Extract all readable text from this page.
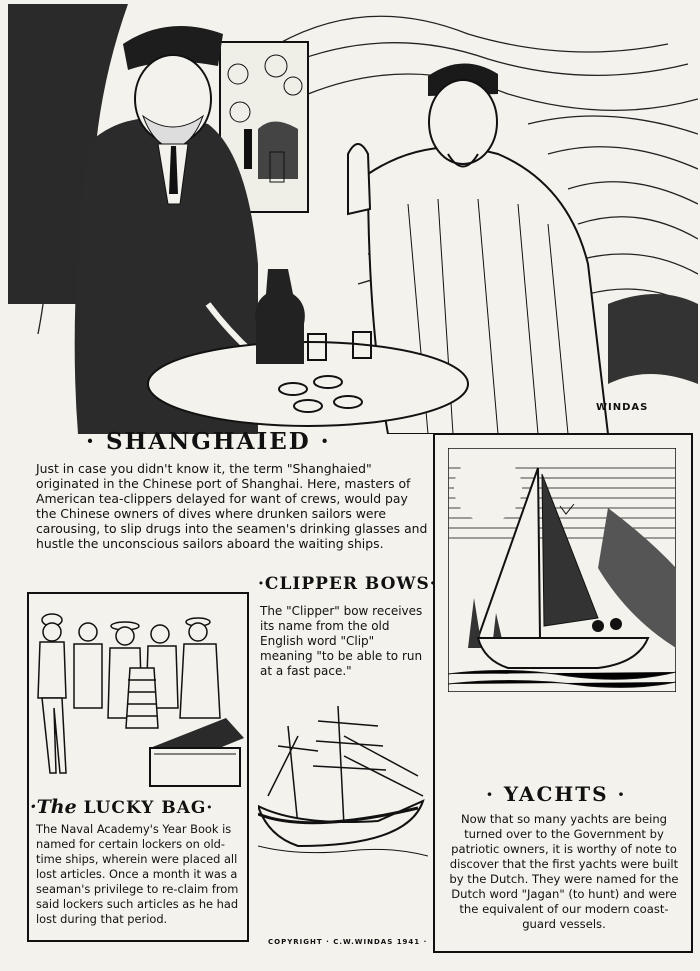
WINDAS
· SHANGHAIED ·
Just in case you didn't know it, the term "Shanghaied" originated in the Chinese port of Shanghai. Here, masters of American tea-clippers delayed for want of crews, would pay the Chinese owners of dives where drunken sailors were carousing, to slip drugs into the seamen's drinking glasses and hustle the unconscious sailors aboard the waiting ships.
·CLIPPER BOWS·
The "Clipper" bow receives its name from the old English word "Clip" meaning "to be able to run at a fast pace."
·The LUCKY BAG·
The Naval Academy's Year Book is named for certain lockers on old-time ships, wherein were placed all lost articles. Once a month it was a seaman's privilege to re-claim from said lockers such articles as he had lost during that period.
· YACHTS ·
Now that so many yachts are being turned over to the Government by patriotic owners, it is worthy of note to discover that the first yachts were built by the Dutch. They were named for the Dutch word "Jagan" (to hunt) and were the equivalent of our modern coast-guard vessels.
COPYRIGHT · C.W.WINDAS 1941 ·
